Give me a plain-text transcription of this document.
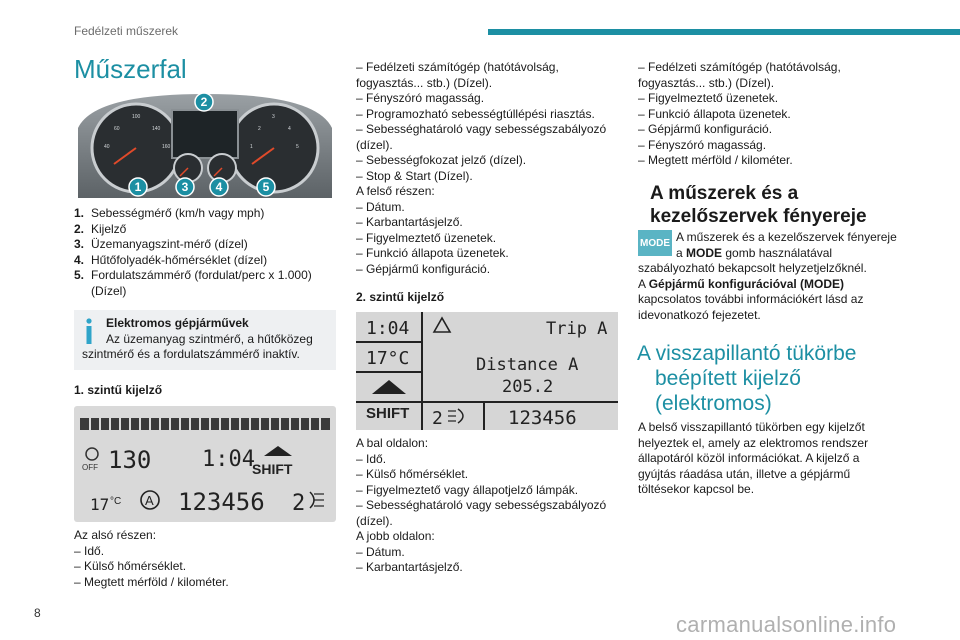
Fedélzeti műszerek
Műszerfal
60
100
140
40	160
2
3
4
1	5
2
1	3 4	5
1. Sebességmérő (km/h vagy mph)
2. Kijelző
3. Üzemanyagszint-mérő (dízel)
4. Hűtőfolyadék-hőmérséklet (dízel)
5. Fordulatszámmérő (fordulat/perc x 1.000)
(Dízel)
Elektromos gépjárművek
Az üzemanyag szintmérő, a hűtőközeg
szintmérő és a fordulatszámmérő inaktív.
1. szintű kijelző
OFF 130 1:04
SHIFT
17 °C A 123456 2
Az alsó részen:
– Idő.
– Külső hőmérséklet.
– Megtett mérföld / kilométer.
– Fedélzeti számítógép (hatótávolság,
fogyasztás... stb.) (Dízel).
– Fényszóró magasság.
– Programozható sebességtúllépési riasztás.
– Sebességhatároló vagy sebességszabályozó
(dízel).
– Sebességfokozat jelző (dízel).
– Stop & Start (Dízel).
A felső részen:
– Dátum.
– Karbantartásjelző.
– Figyelmeztető üzenetek.
– Funkció állapota üzenetek.
– Gépjármű konfiguráció.
2. szintű kijelző
1:04
17°C
Trip A
Distance A
205.2
SHIFT 2	123456
A bal oldalon:
– Idő.
– Külső hőmérséklet.
– Figyelmeztető vagy állapotjelző lámpák.
– Sebességhatároló vagy sebességszabályozó
(dízel).
A jobb oldalon:
– Dátum.
– Karbantartásjelző.
– Fedélzeti számítógép (hatótávolság,
fogyasztás... stb.) (Dízel).
– Figyelmeztető üzenetek.
– Funkció állapota üzenetek.
– Gépjármű konfiguráció.
– Fényszóró magasság.
– Megtett mérföld / kilométer.
A műszerek és a
kezelőszervek fényereje
MODE A műszerek és a kezelőszervek fényereje
a MODE gomb használatával
szabályozható bekapcsolt helyzetjelzőknél.
A Gépjármű konfigurációval (MODE)
kapcsolatos további információkért lásd az
idevonatkozó fejezetet.
A visszapillantó tükörbe
beépített kijelző
(elektromos)
A belső visszapillantó tükörben egy kijelzőt
helyeztek el, amely az elektromos rendszer
állapotáról közöl információkat. A kijelző a
gyújtás ráadása után, illetve a gépjármű
töltésekor kapcsol be.
8	carmanualsonline.info
